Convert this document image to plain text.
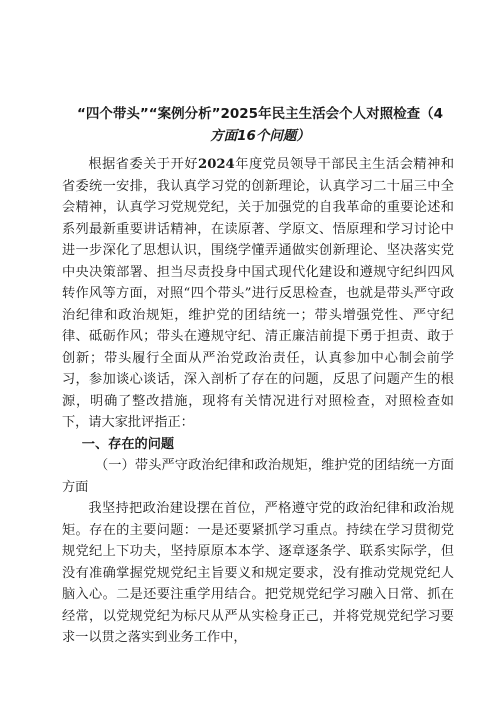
“四个带头”“案例分析”2025年民主生活会个人对照检查（4
方面16个问题）

根据省委关于开好2024年度党员领导干部民主生活会精神和省委统一安排，我认真学习党的创新理论，认真学习二十届三中全会精神，认真学习党规党纪，关于加强党的自我革命的重要论述和系列最新重要讲话精神，在读原著、学原文、悟原理和学习讨论中进一步深化了思想认识，围绕学懂弄通做实创新理论、坚决落实党中央决策部署、担当尽责投身中国式现代化建设和遵规守纪纠四风转作风等方面，对照“四个带头”进行反思检查，也就是带头严守政治纪律和政治规矩，维护党的团结统一；带头增强党性、严守纪律、砥砺作风；带头在遵规守纪、清正廉洁前提下勇于担责、敢于创新；带头履行全面从严治党政治责任，认真参加中心制会前学习，参加谈心谈话，深入剖析了存在的问题，反思了问题产生的根源，明确了整改措施，现将有关情况进行对照检查，对照检查如下，请大家批评指正：

一、存在的问题

（一）带头严守政治纪律和政治规矩，维护党的团结统一方面方面

我坚持把政治建设摆在首位，严格遵守党的政治纪律和政治规矩。存在的主要问题：一是还要紧抓学习重点。持续在学习贯彻党规党纪上下功夫，坚持原原本本学、逐章逐条学、联系实际学，但没有准确掌握党规党纪主旨要义和规定要求，没有推动党规党纪人脑入心。二是还要注重学用结合。把党规党纪学习融入日常、抓在经常，以党规党纪为标尺从严从实检身正己，并将党规党纪学习要求一以贯之落实到业务工作中，
